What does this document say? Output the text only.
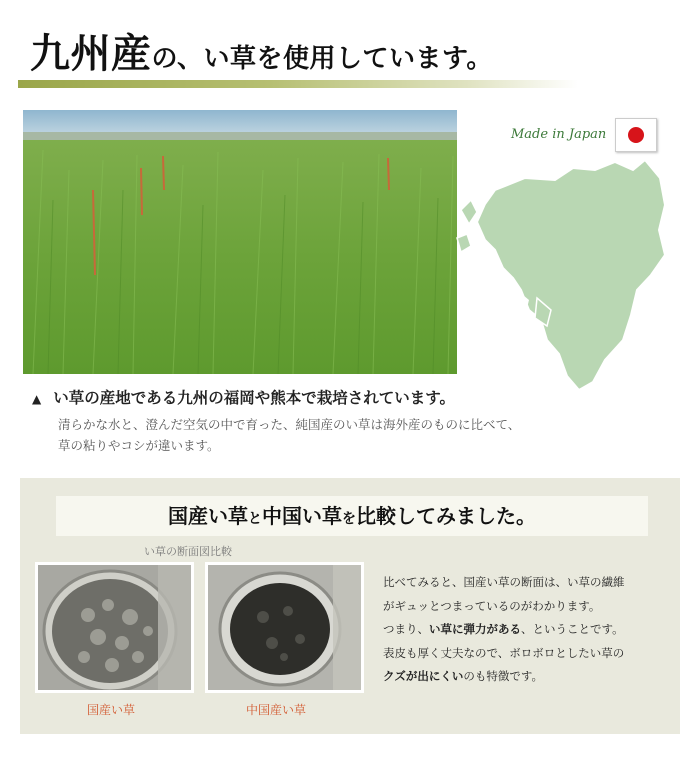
九州産の、い草を使用しています。
Made in Japan
▲ い草の産地である九州の福岡や熊本で栽培されています。
清らかな水と、澄んだ空気の中で育った、純国産のい草は海外産のものに比べて、
草の粘りやコシが違います。
国産い草と中国い草を比較してみました。
い草の断面図比較
国産い草	中国産い草

比べてみると、国産い草の断面は、い草の繊維

がギュッとつまっているのがわかります。

つまり、い草に弾力がある、ということです。

表皮も厚く丈夫なので、ボロボロとしたい草の

クズが出にくいのも特徴です。
